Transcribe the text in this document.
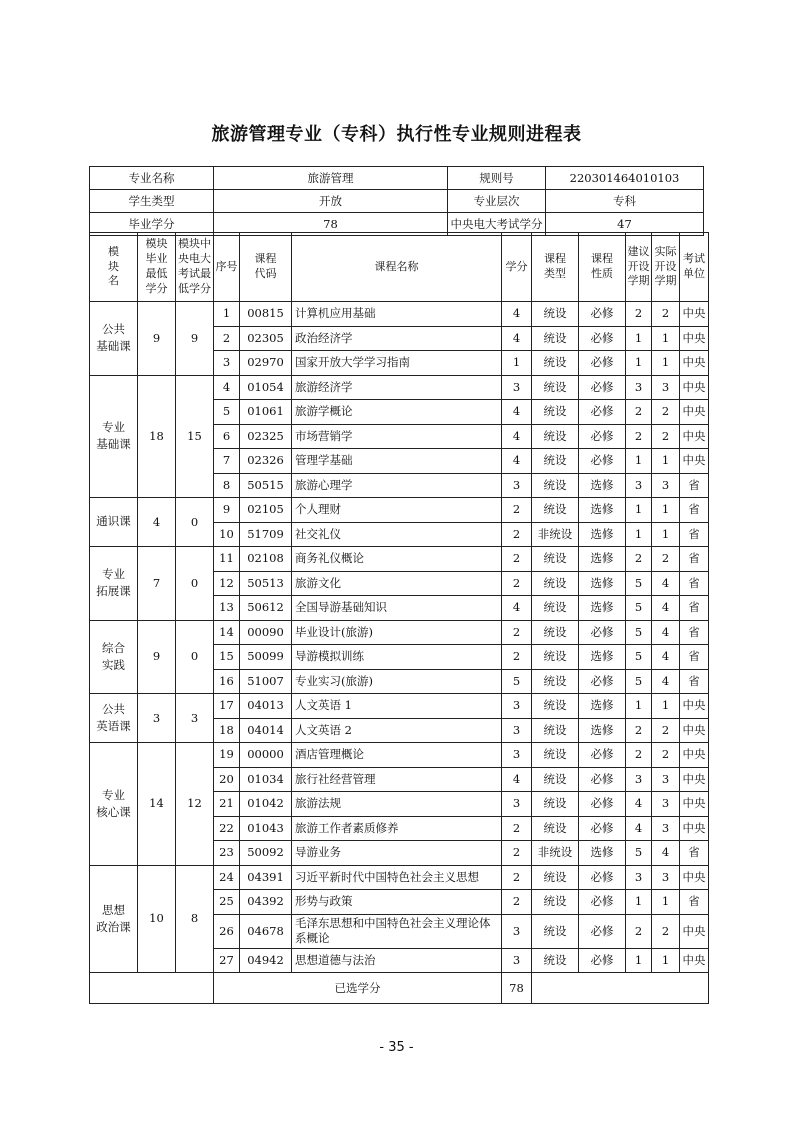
旅游管理专业（专科）执行性专业规则进程表
专业名称	旅游管理	规则号	220301464010103
学生类型	开放	专业层次	专科
毕业学分	78	中央电大考试学分	47
模
块
名	模块
毕业
最低
学分	模块中
央电大
考试最
低学分	序号	课程
代码	课程名称	学分	课程
类型	课程
性质	建议
开设
学期	实际
开设
学期	考试
单位
公共
基础课	9	9	1	00815	计算机应用基础	4	统设	必修	2	2	中央
			2	02305	政治经济学	4	统设	必修	1	1	中央
			3	02970	国家开放大学学习指南	1	统设	必修	1	1	中央
专业
基础课	18	15	4	01054	旅游经济学	3	统设	必修	3	3	中央
			5	01061	旅游学概论	4	统设	必修	2	2	中央
			6	02325	市场营销学	4	统设	必修	2	2	中央
			7	02326	管理学基础	4	统设	必修	1	1	中央
			8	50515	旅游心理学	3	统设	选修	3	3	省
通识课	4	0	9	02105	个人理财	2	统设	选修	1	1	省
			10	51709	社交礼仪	2	非统设	选修	1	1	省
专业
拓展课	7	0	11	02108	商务礼仪概论	2	统设	选修	2	2	省
			12	50513	旅游文化	2	统设	选修	5	4	省
			13	50612	全国导游基础知识	4	统设	选修	5	4	省
综合
实践	9	0	14	00090	毕业设计(旅游)	2	统设	必修	5	4	省
			15	50099	导游模拟训练	2	统设	选修	5	4	省
			16	51007	专业实习(旅游)	5	统设	必修	5	4	省
公共
英语课	3	3	17	04013	人文英语 1	3	统设	选修	1	1	中央
			18	04014	人文英语 2	3	统设	选修	2	2	中央
专业
核心课	14	12	19	00000	酒店管理概论	3	统设	必修	2	2	中央
			20	01034	旅行社经营管理	4	统设	必修	3	3	中央
			21	01042	旅游法规	3	统设	必修	4	3	中央
			22	01043	旅游工作者素质修养	2	统设	必修	4	3	中央
			23	50092	导游业务	2	非统设	选修	5	4	省
思想
政治课	10	8	24	04391	习近平新时代中国特色社会主义思想	2	统设	必修	3	3	中央
			25	04392	形势与政策	2	统设	必修	1	1	省
			26	04678	毛泽东思想和中国特色社会主义理论体系概论	3	统设	必修	2	2	中央
			27	04942	思想道德与法治	3	统设	必修	1	1	中央
			已选学分			78					
- 35 -
